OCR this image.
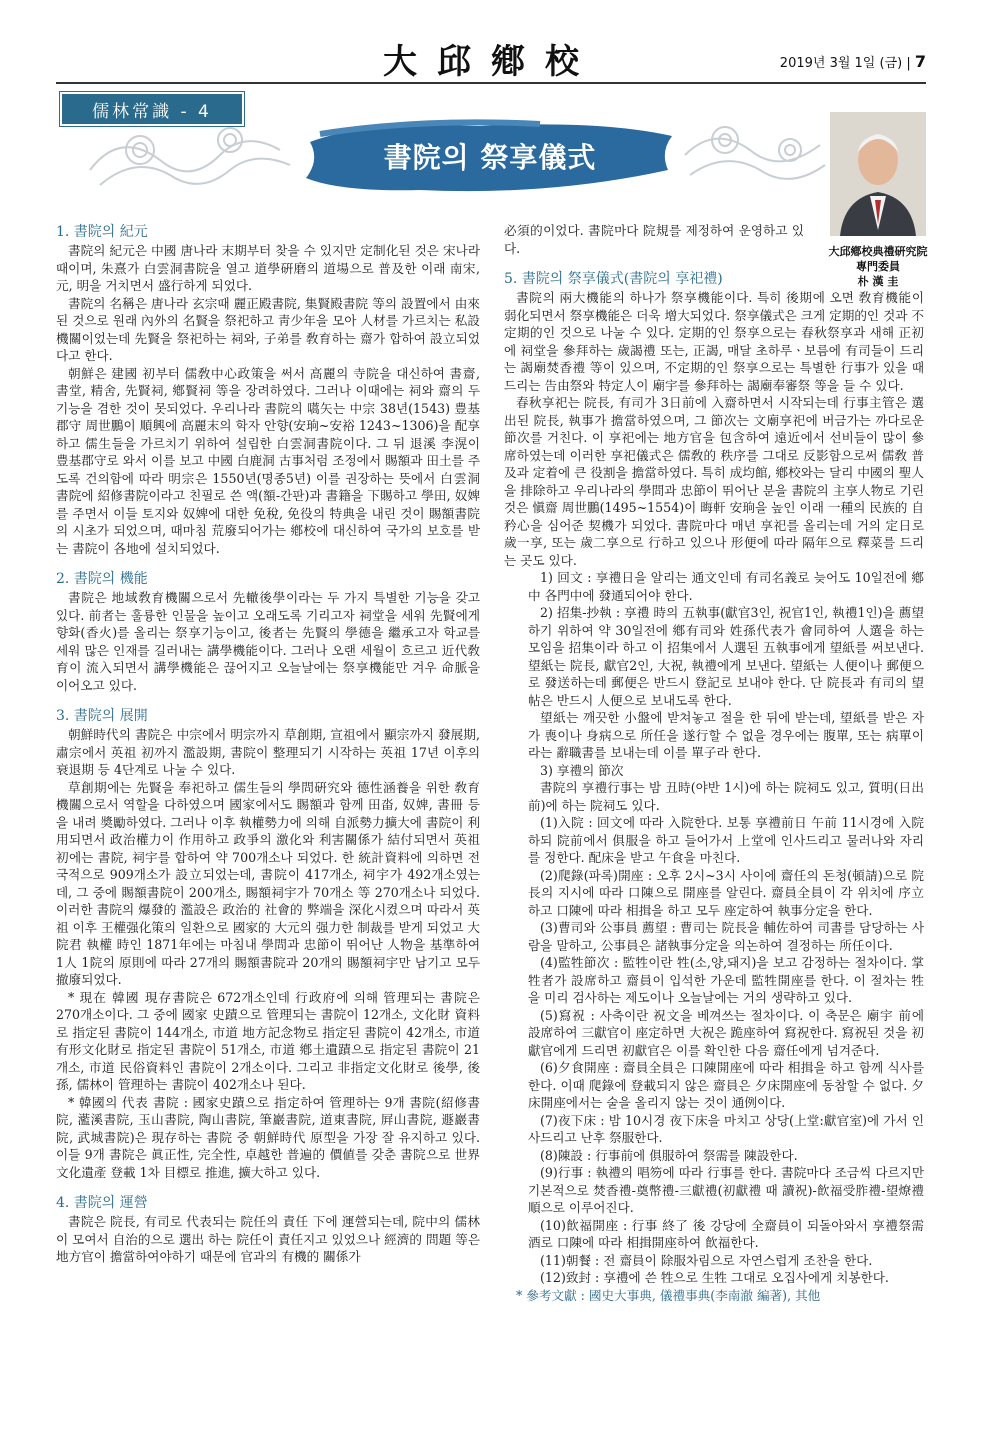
大邱鄕校	2019년 3월 1일 (금) | 7
儒林常識 - 4
書院의 祭享儀式
大邱鄕校典禮硏究院
專門委員
朴 漢 圭
1. 書院의 紀元

書院의 紀元은 中國 唐나라 末期부터 찾을 수 있지만 定制化된 것은 宋나라 때이며, 朱熹가 白雲洞書院을 열고 道學硏磨의 道場으로 普及한 이래 南宋, 元, 明을 거치면서 盛行하게 되었다.

書院의 名稱은 唐나라 玄宗때 麗正殿書院, 集賢殿書院 等의 設置에서 由來된 것으로 원래 內外의 名賢을 祭祀하고 靑少年을 모아 人材를 가르치는 私設機關이었는데 先賢을 祭祀하는 祠와, 子弟를 敎育하는 齋가 합하여 設立되었다고 한다.

朝鮮은 建國 初부터 儒敎中心政策을 써서 高麗의 寺院을 대신하여 書齋, 書堂, 精舍, 先賢祠, 鄕賢祠 等을 장려하였다. 그러나 이때에는 祠와 齋의 두 기능을 겸한 것이 못되었다. 우리나라 書院의 嚆矢는 中宗 38년(1543) 豊基郡守 周世鵬이 順興에 高麗末의 학자 안향(安珦~安裕 1243~1306)을 配享하고 儒生들을 가르치기 위하여 설립한 白雲洞書院이다. 그 뒤 退溪 李滉이 豊基郡守로 와서 이를 보고 中國 白鹿洞 古事처럼 조정에서 賜額과 田土를 주도록 건의함에 따라 明宗은 1550년(명종5년) 이를 권장하는 뜻에서 白雲洞書院에 紹修書院이라고 친필로 쓴 액(額-간판)과 書籍을 下賜하고 學田, 奴婢를 주면서 이들 토지와 奴婢에 대한 免稅, 免役의 特典을 내린 것이 賜額書院의 시초가 되었으며, 때마침 荒廢되어가는 鄕校에 대신하여 국가의 보호를 받는 書院이 各地에 설치되었다.

2. 書院의 機能

書院은 地域敎育機關으로서 先轍後學이라는 두 가지 특별한 기능을 갖고 있다. 前者는 훌륭한 인물을 높이고 오래도록 기리고자 祠堂을 세워 先賢에게 향화(香火)를 올리는 祭享기능이고, 後者는 先賢의 學德을 繼承고자 학교를 세워 많은 인재를 길러내는 講學機能이다. 그러나 오랜 세월이 흐르고 近代敎育이 流入되면서 講學機能은 끊어지고 오늘날에는 祭享機能만 겨우 命脈을 이어오고 있다.

3. 書院의 展開

朝鮮時代의 書院은 中宗에서 明宗까지 草創期, 宣祖에서 顯宗까지 發展期, 肅宗에서 英祖 初까지 濫設期, 書院이 整理되기 시작하는 英祖 17년 이후의 衰退期 등 4단계로 나눌 수 있다.

草創期에는 先賢을 奉祀하고 儒生들의 學問硏究와 德性涵養을 위한 敎育機關으로서 역할을 다하였으며 國家에서도 賜額과 함께 田畓, 奴婢, 書冊 등을 내려 奬勵하였다. 그러나 이후 執權勢力에 의해 自派勢力擴大에 書院이 利用되면서 政治權力이 作用하고 政爭의 激化와 利害關係가 結付되면서 英祖 初에는 書院, 祠宇를 합하여 약 700개소나 되었다. 한 統計資料에 의하면 전국적으로 909개소가 設立되었는데, 書院이 417개소, 祠宇가 492개소였는데, 그 중에 賜額書院이 200개소, 賜額祠宇가 70개소 等 270개소나 되었다. 이러한 書院의 爆發的 濫設은 政治的 社會的 弊端을 深化시켰으며 따라서 英祖 이후 王權强化策의 일환으로 國家的 大元의 强力한 制裁를 받게 되었고 大院君 執權 時인 1871年에는 마침내 學問과 忠節이 뛰어난 人物을 基準하여 1人 1院의 原則에 따라 27개의 賜額書院과 20개의 賜額祠宇만 남기고 모두 撤廢되었다.

* 現在 韓國 現存書院은 672개소인데 行政府에 의해 管理되는 書院은 270개소이다. 그 중에 國家 史蹟으로 管理되는 書院이 12개소, 文化財 資料로 指定된 書院이 144개소, 市道 地方記念物로 指定된 書院이 42개소, 市道 有形文化財로 指定된 書院이 51개소, 市道 鄕土遺蹟으로 指定된 書院이 21개소, 市道 民俗資料인 書院이 2개소이다. 그리고 非指定文化財로 後學, 後孫, 儒林이 管理하는 書院이 402개소나 된다.

* 韓國의 代表 書院 : 國家史蹟으로 指定하여 管理하는 9개 書院(紹修書院, 灆溪書院, 玉山書院, 陶山書院, 筆巖書院, 道東書院, 屛山書院, 遯巖書院, 武城書院)은 現存하는 書院 중 朝鮮時代 原型을 가장 잘 유지하고 있다. 이들 9개 書院은 眞正性, 完全性, 卓越한 普遍的 價値를 갖춘 書院으로 世界文化遺產 登載 1차 目標로 推進, 擴大하고 있다.

4. 書院의 運營

書院은 院長, 有司로 代表되는 院任의 責任 下에 運營되는데, 院中의 儒林이 모여서 自治的으로 選出 하는 院任이 責任지고 있었으나 經濟的 問題 等은 地方官이 擔當하여야하기 때문에 官과의 有機的 關係가

必須的이었다. 書院마다 院規를 제정하여 운영하고 있다.

5. 書院의 祭享儀式(書院의 享祀禮)

書院의 兩大機能의 하나가 祭享機能이다. 특히 後期에 오면 敎育機能이 弱化되면서 祭享機能은 더욱 增大되었다. 祭享儀式은 크게 定期的인 것과 不定期的인 것으로 나눌 수 있다. 定期的인 祭享으로는 春秋祭享과 새해 正初에 祠堂을 參拜하는 歲謁禮 또는, 正謁, 매달 초하루ㆍ보름에 有司들이 드리는 謁廟焚香禮 等이 있으며, 不定期的인 祭享으로는 특별한 行事가 있을 때 드리는 告由祭와 特定人이 廟宇를 參拜하는 謁廟奉審祭 等을 들 수 있다.

春秋享祀는 院長, 有司가 3日前에 入齋하면서 시작되는데 行事主管은 選出된 院長, 執事가 擔當하였으며, 그 節次는 文廟享祀에 버금가는 까다로운 節次를 거친다. 이 享祀에는 地方官을 包含하여 遠近에서 선비들이 많이 參席하였는데 이러한 享祀儀式은 儒敎的 秩序를 그대로 反影함으로써 儒敎 普及과 定着에 큰 役割을 擔當하였다. 특히 成均館, 鄕校와는 달리 中國의 聖人을 排除하고 우리나라의 學問과 忠節이 뛰어난 분을 書院의 主享人物로 기린 것은 愼齋 周世鵬(1495~1554)이 晦軒 安珦을 높인 이래 一種의 民族的 自矜心을 심어준 契機가 되었다. 書院마다 매년 享祀를 올리는데 거의 定日로 歲一享, 또는 歲二享으로 行하고 있으나 形便에 따라 隔年으로 釋菜를 드리는 곳도 있다.

1) 回文 : 享禮日을 알리는 通文인데 有司名義로 늦어도 10일전에 鄕中 各門中에 發通되어야 한다.

2) 招集-抄執 : 享禮 時의 五執事(獻官3인, 祝官1인, 執禮1인)을 薦望하기 위하여 약 30일전에 鄕有司와 姓孫代表가 會同하여 人選을 하는 모임을 招集이라 하고 이 招集에서 人選된 五執事에게 望紙를 써보낸다.　望紙는 院長, 獻官2인, 大祝, 執禮에게 보낸다. 望紙는 人便이나 郵便으로 發送하는데 郵便은 반드시 登記로 보내야 한다. 단 院長과 有司의 望帖은 반드시 人便으로 보내도록 한다.

望紙는 깨끗한 小盤에 받쳐놓고 절을 한 뒤에 받는데, 望紙를 받은 자가 喪이나 身病으로 所任을 遂行할 수 없을 경우에는 腹單, 또는 病單이라는 辭職書를 보내는데 이를 單子라 한다.

3) 享禮의 節次

書院의 享禮行事는 밤 丑時(야반 1시)에 하는 院祠도 있고, 質明(日出 前)에 하는 院祠도 있다.

(1)入院 : 回文에 따라 入院한다. 보통 享禮前日 午前 11시경에 入院하되 院前에서 俱服을 하고 들어가서 上堂에 인사드리고 물러나와 자리를 정한다. 配床을 받고 午食을 마친다.

(2)爬錄(파록)開座 : 오후 2시~3시 사이에 齋任의 돈청(頓請)으로 院長의 지시에 따라 口陳으로 開座를 알린다. 齋員全員이 각 위치에 序立하고 口陳에 따라 相揖을 하고 모두 座定하여 執事分定을 한다.

(3)曹司와 公事員 薦望 : 曹司는 院長을 輔佐하여 司書를 담당하는 사람을 말하고, 公事員은 諸執事分定을 의논하여 결정하는 所任이다.

(4)監牲節次 : 監牲이란 牲(소,양,돼지)을 보고 감정하는 절차이다. 掌牲者가 設席하고 齋員이 입석한 가운데 監牲開座를 한다. 이 절차는 牲을 미리 검사하는 제도이나 오늘날에는 거의 생략하고 있다.

(5)寫祝 : 사축이란 祝文을 베껴쓰는 절차이다. 이 축문은 廟宇 前에 設席하여 三獻官이 座定하면 大祝은 跪座하여 寫祝한다. 寫祝된 것을 初獻官에게 드리면 初獻官은 이를 확인한 다음 齋任에게 넘겨준다.

(6)夕食開座 : 齋員全員은 口陳開座에 따라 相揖을 하고 함께 식사를 한다. 이때 爬錄에 登載되지 않은 齋員은 夕床開座에 동참할 수 없다. 夕床開座에서는 술을 올리지 않는 것이 通例이다.

(7)夜下床 : 밤 10시경 夜下床을 마치고 상당(上堂:獻官室)에 가서 인사드리고 난후 祭服한다.

(8)陳設 : 行事前에 俱服하여 祭需를 陳設한다.

(9)行事 : 執禮의 唱笏에 따라 行事를 한다. 書院마다 조금씩 다르지만 기본적으로 焚香禮-奠幣禮-三獻禮(初獻禮 때 讀祝)-飮福受胙禮-望燎禮 順으로 이루어진다.

(10)飮福開座 : 行事 終了 後 강당에 全齋員이 되돌아와서 享禮祭需酒로 口陳에 따라 相揖開座하여 飮福한다.

(11)朝餐 : 전 齋員이 除服차림으로 자연스럽게 조찬을 한다.

(12)致封 : 享禮에 쓴 牲으로 生牲 그대로 오집사에게 치봉한다.

* 參考文獻 : 國史大事典, 儀禮事典(李南澈 編著), 其他
